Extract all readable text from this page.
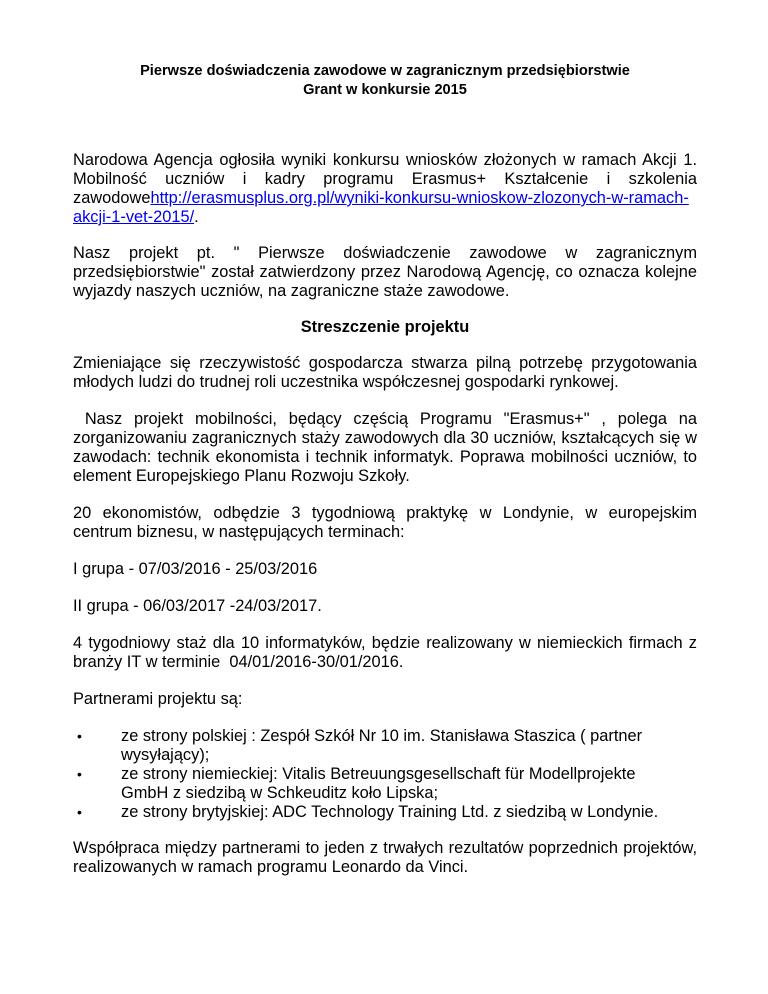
Pierwsze doświadczenia zawodowe w zagranicznym przedsiębiorstwie
Grant w konkursie 2015

Narodowa Agencja ogłosiła wyniki konkursu wniosków złożonych w ramach Akcji 1. Mobilność uczniów i kadry programu Erasmus+ Kształcenie i szkolenia zawodowehttp://erasmusplus.org.pl/wyniki-konkursu-wnioskow-zlozonych-w-ramach-akcji-1-vet-2015/.

Nasz projekt pt. " Pierwsze doświadczenie zawodowe w zagranicznym przedsiębiorstwie" został zatwierdzony przez Narodową Agencję, co oznacza kolejne wyjazdy naszych uczniów, na zagraniczne staże zawodowe.

Streszczenie projektu

Zmieniające się rzeczywistość gospodarcza stwarza pilną potrzebę przygotowania młodych ludzi do trudnej roli uczestnika współczesnej gospodarki rynkowej.

Nasz projekt mobilności, będący częścią Programu "Erasmus+" , polega na zorganizowaniu zagranicznych staży zawodowych dla 30 uczniów, kształcących się w zawodach: technik ekonomista i technik informatyk. Poprawa mobilności uczniów, to element Europejskiego Planu Rozwoju Szkoły.

20 ekonomistów, odbędzie 3 tygodniową praktykę w Londynie, w europejskim centrum biznesu, w następujących terminach:

I grupa - 07/03/2016 - 25/03/2016

II grupa - 06/03/2017 -24/03/2017.

4 tygodniowy staż dla 10 informatyków, będzie realizowany w niemieckich firmach z branży IT w terminie  04/01/2016-30/01/2016.

Partnerami projektu są:

• ze strony polskiej : Zespół Szkół Nr 10 im. Stanisława Staszica ( partner wysyłający);
• ze strony niemieckiej: Vitalis Betreuungsgesellschaft für Modellprojekte GmbH z siedzibą w Schkeuditz koło Lipska;
• ze strony brytyjskiej: ADC Technology Training Ltd. z siedzibą w Londynie.

Współpraca między partnerami to jeden z trwałych rezultatów poprzednich projektów, realizowanych w ramach programu Leonardo da Vinci.
